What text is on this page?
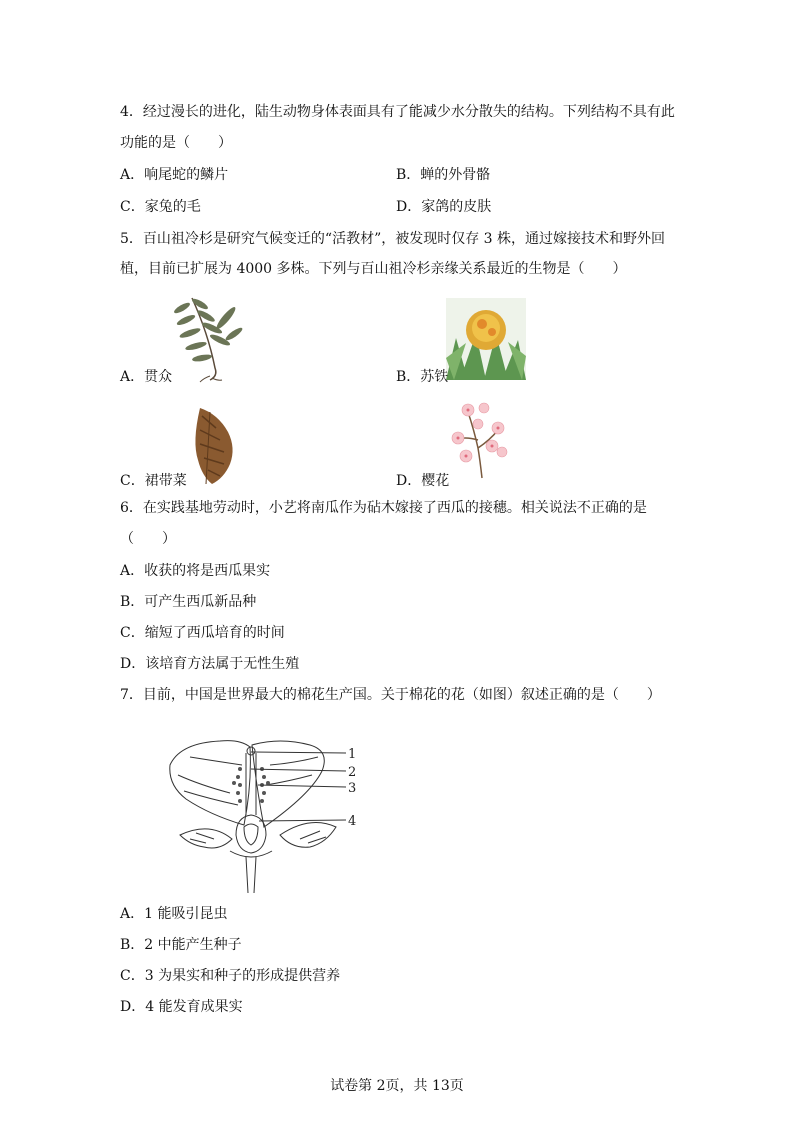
4．经过漫长的进化，陆生动物身体表面具有了能减少水分散失的结构。下列结构不具有此
功能的是（　　）
A．响尾蛇的鳞片	B．蝉的外骨骼
C．家兔的毛	D．家鸽的皮肤
5．百山祖冷杉是研究气候变迁的“活教材”，被发现时仅存 3 株，通过嫁接技术和野外回
植，目前已扩展为 4000 多株。下列与百山祖冷杉亲缘关系最近的生物是（　　）
A．贯众	B．苏铁
C．裙带菜	D．樱花
6．在实践基地劳动时，小艺将南瓜作为砧木嫁接了西瓜的接穗。相关说法不正确的是
（　　）
A．收获的将是西瓜果实
B．可产生西瓜新品种
C．缩短了西瓜培育的时间
D．该培育方法属于无性生殖
7．目前，中国是世界最大的棉花生产国。关于棉花的花（如图）叙述正确的是（　　）
1
2
3
4
A．1 能吸引昆虫
B．2 中能产生种子
C．3 为果实和种子的形成提供营养
D．4 能发育成果实
试卷第 2页，共 13页
